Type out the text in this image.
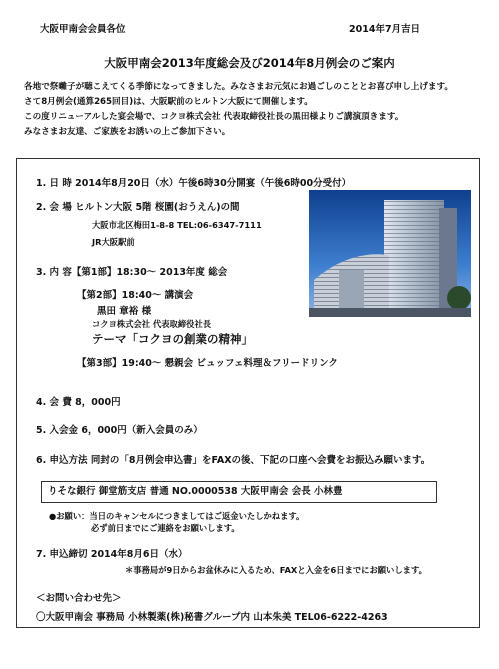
大阪甲南会会員各位	2014年7月吉日
大阪甲南会2013年度総会及び2014年8月例会のご案内
各地で祭囃子が聴こえてくる季節になってきました。みなさまお元気にお過ごしのこととお喜び申し上げます。
さて8月例会(通算265回目)は、大阪駅前のヒルトン大阪にて開催します。
この度リニューアルした宴会場で、コクヨ株式会社 代表取締役社長の黒田様よりご講演頂きます。
みなさまお友達、ご家族をお誘いの上ご参加下さい。
1. 日 時 2014年8月20日（水）午後6時30分開宴（午後6時00分受付）
2. 会 場 ヒルトン大阪 5階 桜園(おうえん)の間
大阪市北区梅田1-8-8 TEL:06-6347-7111
JR大阪駅前
3. 内 容【第1部】18:30～ 2013年度 総会
【第2部】18:40～ 講演会
黒田 章裕 様
コクヨ株式会社 代表取締役社長
テーマ「コクヨの創業の精神」
【第3部】19:40～ 懇親会 ビュッフェ料理＆フリードリンク
4. 会 費 8，000円
5. 入会金 6，000円（新入会員のみ）
6. 申込方法 同封の「8月例会申込書」をFAXの後、下記の口座へ会費をお振込み願います。
りそな銀行 御堂筋支店 普通 NO.0000538 大阪甲南会 会長 小林豊
●お願い：当日のキャンセルにつきましてはご返金いたしかねます。
必ず前日までにご連絡をお願いします。
7. 申込締切 2014年8月6日（水）
＊事務局が9日からお盆休みに入るため、FAXと入金を6日までにお願いします。
＜お問い合わせ先＞
〇大阪甲南会 事務局 小林製薬(株)秘書グループ内 山本朱美 TEL06-6222-4263
